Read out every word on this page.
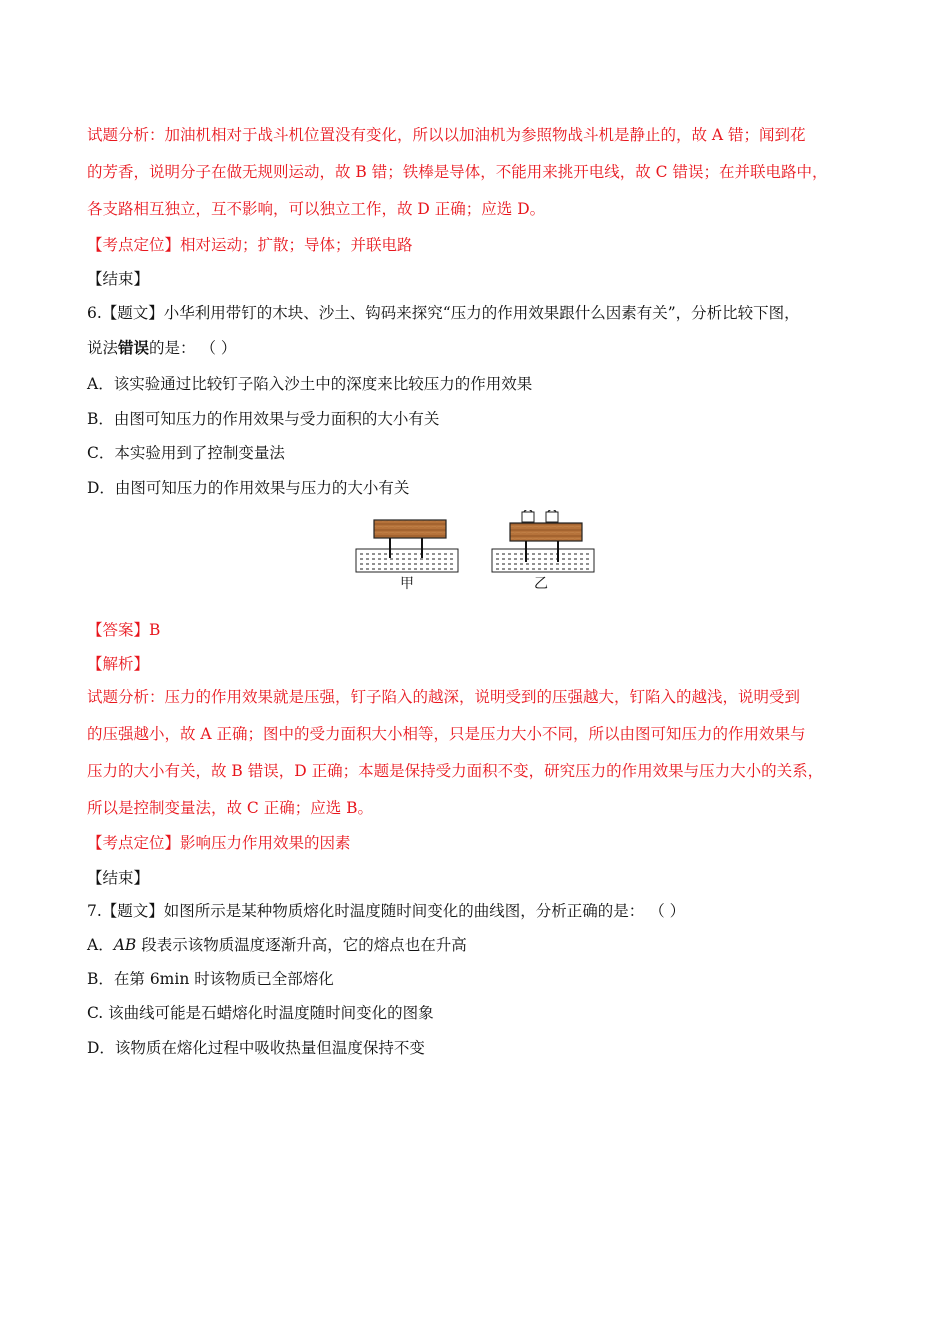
试题分析：加油机相对于战斗机位置没有变化，所以以加油机为参照物战斗机是静止的，故 A 错；闻到花
的芳香，说明分子在做无规则运动，故 B 错；铁棒是导体，不能用来挑开电线，故 C 错误；在并联电路中，
各支路相互独立，互不影响，可以独立工作，故 D 正确；应选 D。
【考点定位】相对运动；扩散；导体；并联电路
【结束】
6.【题文】小华利用带钉的木块、沙土、钩码来探究“压力的作用效果跟什么因素有关”，分析比较下图，
说法错误的是： （ ）
A．该实验通过比较钉子陷入沙土中的深度来比较压力的作用效果
B．由图可知压力的作用效果与受力面积的大小有关
C．本实验用到了控制变量法
D．由图可知压力的作用效果与压力的大小有关
甲	乙
【答案】B
【解析】
试题分析：压力的作用效果就是压强，钉子陷入的越深，说明受到的压强越大，钉陷入的越浅，说明受到
的压强越小，故 A 正确；图中的受力面积大小相等，只是压力大小不同，所以由图可知压力的作用效果与
压力的大小有关，故 B 错误，D 正确；本题是保持受力面积不变，研究压力的作用效果与压力大小的关系，
所以是控制变量法，故 C 正确；应选 B。
【考点定位】影响压力作用效果的因素
【结束】
7.【题文】如图所示是某种物质熔化时温度随时间变化的曲线图，分析正确的是： （ ）
A．AB 段表示该物质温度逐渐升高，它的熔点也在升高
B．在第 6min 时该物质已全部熔化
C. 该曲线可能是石蜡熔化时温度随时间变化的图象
D．该物质在熔化过程中吸收热量但温度保持不变
